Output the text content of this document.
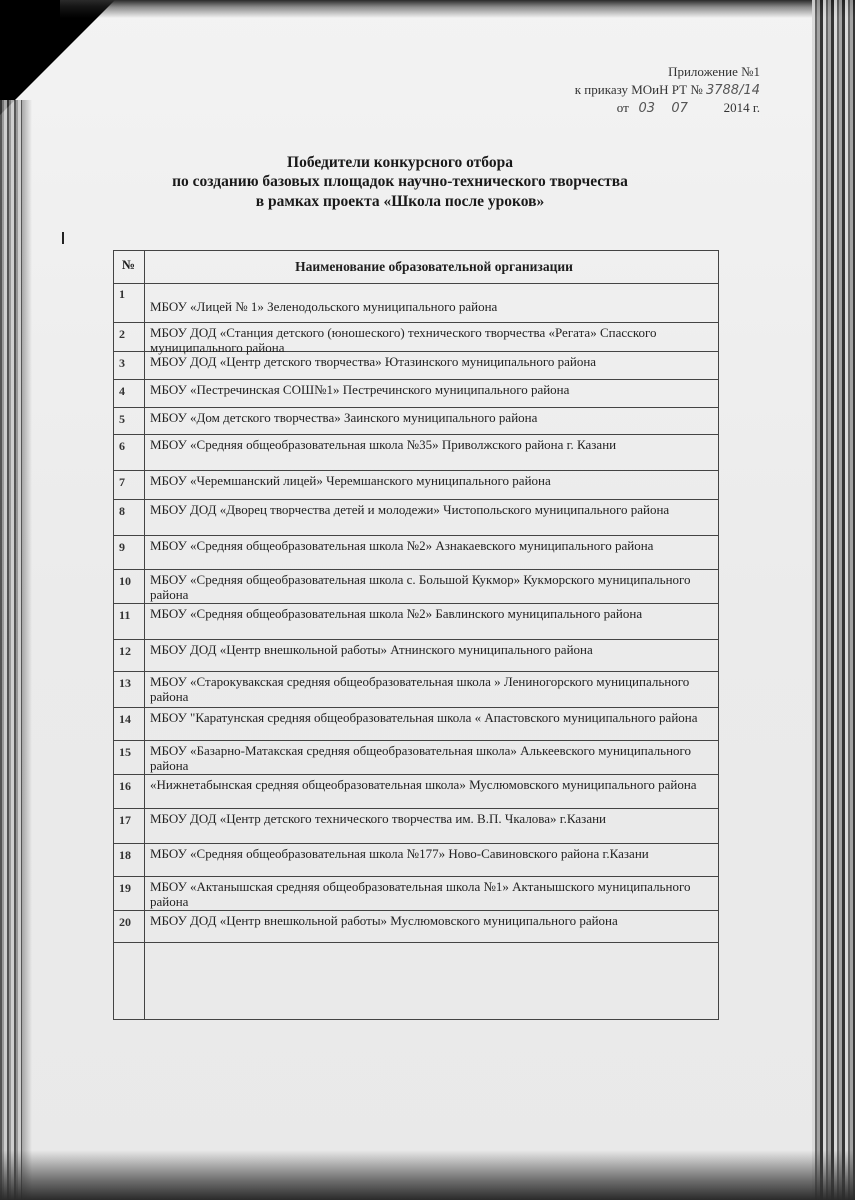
Приложение №1
к приказу МОиН РТ № 3788/14
от 03 07	2014 г.
Победители конкурсного отбора
по созданию базовых площадок научно-технического творчества
в рамках проекта «Школа после уроков»
№	Наименование образовательной организации
1
МБОУ «Лицей № 1» Зеленодольского муниципального района
2 МБОУ ДОД «Станция детского (юношеского) технического творчества «Регата» Спасского муниципального района
3 МБОУ ДОД «Центр детского творчества» Ютазинского муниципального района
4 МБОУ «Пестречинская СОШ№1» Пестречинского муниципального района
5 МБОУ «Дом детского творчества» Заинского муниципального района
6 МБОУ «Средняя общеобразовательная школа №35» Приволжского района г. Казани
7 МБОУ «Черемшанский лицей» Черемшанского муниципального района
8 МБОУ ДОД «Дворец творчества детей и молодежи» Чистопольского муниципального района
9 МБОУ «Средняя общеобразовательная школа №2» Азнакаевского муниципального района
10 МБОУ «Средняя общеобразовательная школа с. Большой Кукмор» Кукморского муниципального района
11 МБОУ «Средняя общеобразовательная школа №2» Бавлинского муниципального района
12 МБОУ ДОД «Центр внешкольной работы» Атнинского муниципального района
13 МБОУ «Старокувакская средняя общеобразовательная школа » Лениногорского муниципального района
14 МБОУ "Каратунская средняя общеобразовательная школа « Апастовского муниципального района
15 МБОУ «Базарно-Матакская средняя общеобразовательная школа» Алькеевского муниципального района
16 «Нижнетабынская средняя общеобразовательная школа» Муслюмовского муниципального района
17 МБОУ ДОД «Центр детского технического творчества им. В.П. Чкалова» г.Казани
18 МБОУ «Средняя общеобразовательная школа №177» Ново-Савиновского района г.Казани
19 МБОУ «Актанышская средняя общеобразовательная школа №1» Актанышского муниципального района
20 МБОУ ДОД «Центр внешкольной работы» Муслюмовского муниципального района
